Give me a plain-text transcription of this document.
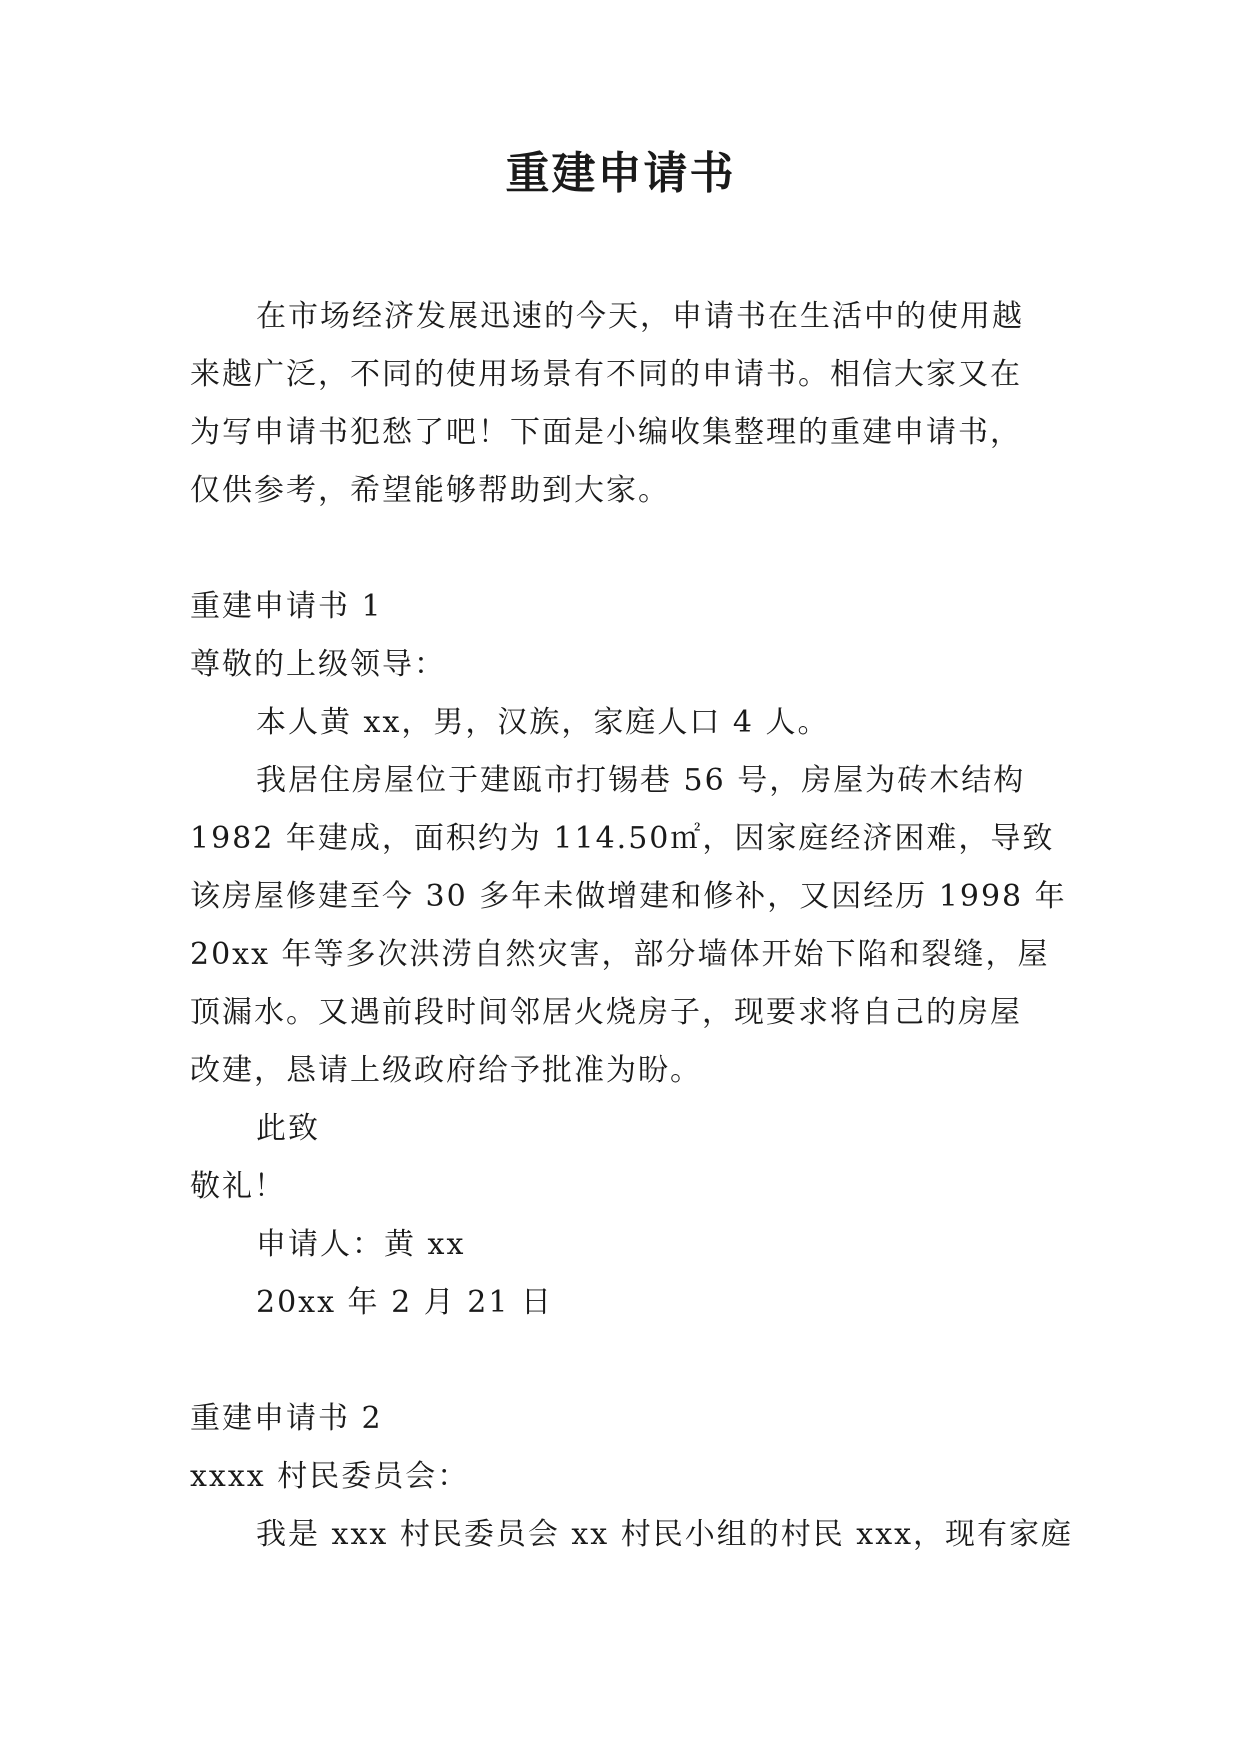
重建申请书
在市场经济发展迅速的今天，申请书在生活中的使用越
来越广泛，不同的使用场景有不同的申请书。相信大家又在
为写申请书犯愁了吧！下面是小编收集整理的重建申请书，
仅供参考，希望能够帮助到大家。
重建申请书 1
尊敬的上级领导：
本人黄 xx，男，汉族，家庭人口 4 人。
我居住房屋位于建瓯市打锡巷 56 号，房屋为砖木结构
1982 年建成，面积约为 114.50㎡，因家庭经济困难，导致
该房屋修建至今 30 多年未做增建和修补，又因经历 1998 年
20xx 年等多次洪涝自然灾害，部分墙体开始下陷和裂缝，屋
顶漏水。又遇前段时间邻居火烧房子，现要求将自己的房屋
改建，恳请上级政府给予批准为盼。
此致
敬礼！
申请人：黄 xx
20xx 年 2 月 21 日
重建申请书 2
xxxx 村民委员会：
我是 xxx 村民委员会 xx 村民小组的村民 xxx，现有家庭
